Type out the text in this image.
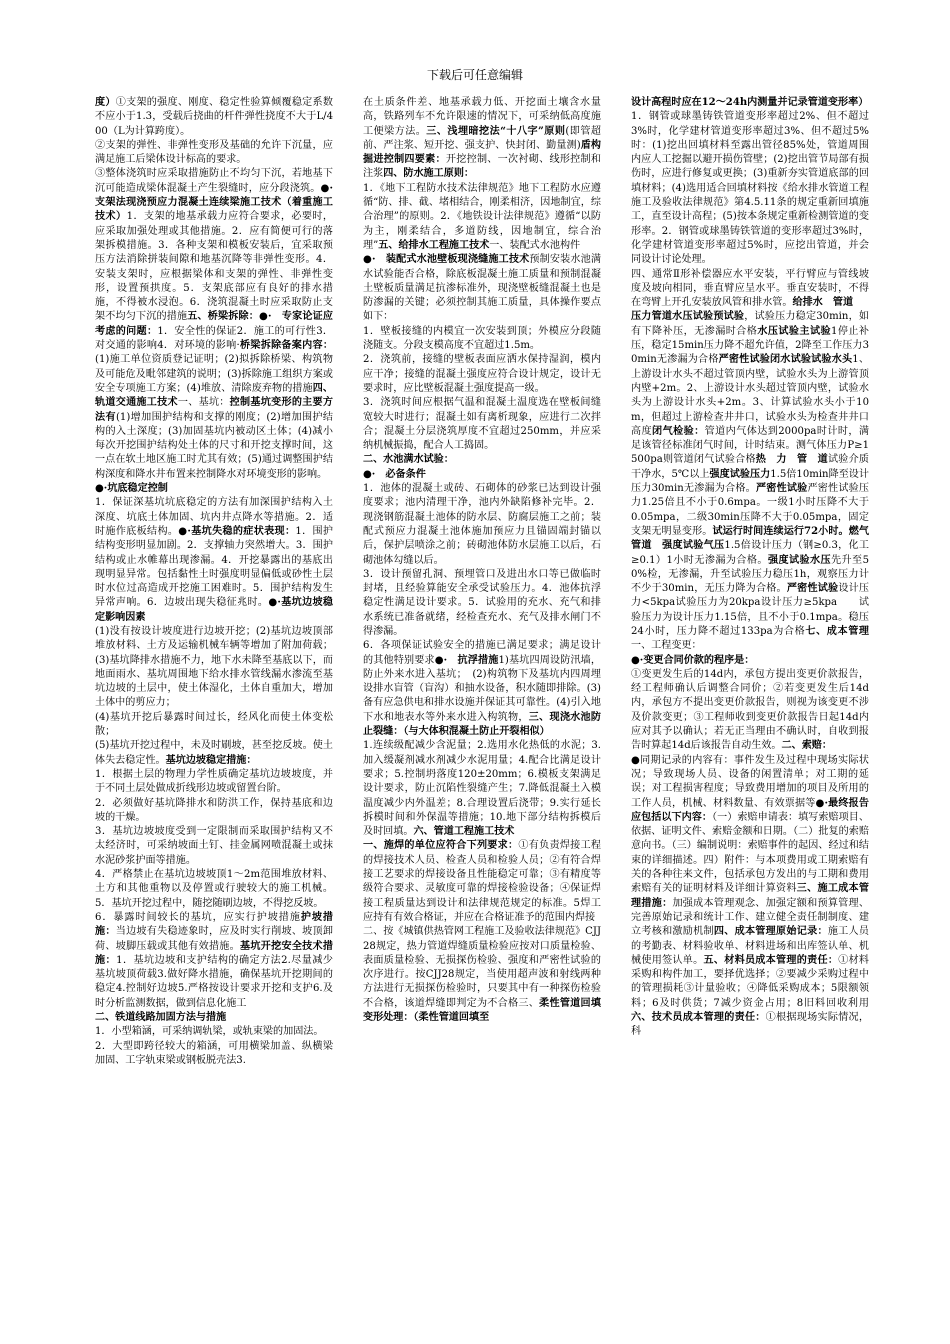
下载后可任意编辑

度）①支架的强度、刚度、稳定性验算倾覆稳定系数不应小于1.3，受载后挠曲的杆件弹性挠度不大于L/400（L为计算跨度）。

②支架的弹性、非弹性变形及基础的允许下沉量，应满足施工后梁体设计标高的要求。

③整体浇筑时应采取措施防止不均匀下沉，若地基下沉可能造成梁体混凝土产生裂缝时，应分段浇筑。●·支架法现浇预应力混凝土连续梁施工技术（着重施工技术）1．支架的地基承载力应符合要求，必要时，应采取加强处理或其他措施。2．应有简便可行的落架拆模措施。3．各种支架和模板安装后，宜采取预压方法消除拼装间隙和地基沉降等非弹性变形。4．安装支架时，应根据梁体和支架的弹性、非弹性变形，设置预拱度。5．支架底部应有良好的排水措施，不得被水浸泡。6．浇筑混凝土时应采取防止支架不均匀下沉的措施五、桥梁拆除：●·　专家论证应考虑的问题：1．安全性的保证2．施工的可行性3．对交通的影响4．对环境的影响·桥梁拆除备案内容：(1)施工单位资质登记证明；(2)拟拆除桥梁、构筑物及可能危及毗邻建筑的说明；(3)拆除施工组织方案或安全专项施工方案；(4)堆放、清除废弃物的措施四、轨道交通施工技术一、基坑：控制基坑变形的主要方法有(1)增加围护结构和支撑的刚度；(2)增加围护结构的入土深度；(3)加固基坑内被动区土体；(4)减小每次开挖围护结构处土体的尺寸和开挖支撑时间，这一点在软土地区施工时尤其有效；(5)通过调整围护结构深度和降水井布置来控制降水对环境变形的影响。

●·坑底稳定控制

1．保证深基坑坑底稳定的方法有加深围护结构入土深度、坑底土体加固、坑内井点降水等措施。2．适时施作底板结构。●·基坑失稳的症状表现：1．围护结构变形明显加剧。2．支撑轴力突然增大。3．围护结构或止水帷幕出现渗漏。4．开挖暴露出的基底出现明显异常。包括黏性土时强度明显偏低或砂性土层时水位过高造成开挖施工困难时。5．围护结构发生异常声响。6．边坡出现失稳征兆时。●·基坑边坡稳定影响因素

(1)没有按设计坡度进行边坡开挖；(2)基坑边坡顶部堆放材料、土方及运输机械车辆等增加了附加荷载；(3)基坑降排水措施不力，地下水未降至基底以下，而地面雨水、基坑周围地下给水排水管线漏水渗流至基坑边坡的土层中，使土体湿化，土体自重加大，增加土体中的剪应力；

(4)基坑开挖后暴露时间过长，经风化而使土体变松散；

(5)基坑开挖过程中，未及时刷坡，甚至挖反坡。使土体失去稳定性。基坑边坡稳定措施：

1．根据土层的物理力学性质确定基坑边坡坡度，并于不同土层处做成折线形边坡或留置台阶。

2．必须做好基坑降排水和防洪工作，保持基底和边坡的干燥。

3．基坑边坡坡度受到一定限制而采取围护结构又不太经济时，可采纳坡面土钉、挂金属网喷混凝土或抹水泥砂浆护面等措施。

4．严格禁止在基坑边坡坡顶1～2m范围堆放材料、土方和其他重物以及停置或行驶较大的施工机械。5．基坑开挖过程中，随挖随刷边坡，不得挖反坡。

6．暴露时间较长的基坑，应实行护坡措施护坡措施：当边坡有失稳迹象时，应及时实行削坡、坡顶卸荷、坡脚压载或其他有效措施。基坑开挖安全技术措施：1．基坑边坡和支护结构的确定方法2.尽量减少基坑坡顶荷载3.做好降水措施，确保基坑开挖期间的稳定4.控制好边坡5.严格按设计要求开挖和支护6.及时分析监测数据，做到信息化施工

二、铁道线路加固方法与措施

1．小型箱涵，可采纳调轨梁，或轨束梁的加固法。

2．大型即跨径较大的箱涵，可用横梁加盖、纵横梁加固、工字轨束梁或钢板脱壳法3.

在土质条件差、地基承载力低、开挖面土壤含水量高，铁路列车不允许限速的情况下，可采纳低高度施工便梁方法。三、浅埋暗挖法“十八字”原则(即管超前、严注浆、短开挖、强支护、快封闭、勤量测)盾构掘进控制四要素：开挖控制、一次衬砌、线形控制和注浆四、防水施工原则：

1．《地下工程防水技术法律规范》地下工程防水应遵循“防、排、截、堵相结合，刚柔相济，因地制宜，综合治理”的原则。2．《地铁设计法律规范》遵循“以防为主，刚柔结合，多道防线，因地制宜，综合治理”五、给排水工程施工技术一、装配式水池构件

●·　装配式水池壁板现浇缝施工技术预制安装水池满水试验能否合格，除底板混凝土施工质量和预制混凝土壁板质量满足抗渗标准外，现浇壁板缝混凝土也是防渗漏的关键；必须控制其施工质量，具体操作要点如下：

1．壁板接缝的内模宜一次安装到顶；外模应分段随浇随支。分段支模高度不宜超过1.5m。

2．浇筑前，接缝的壁板表面应洒水保持湿润，模内应干净；接缝的混凝土强度应符合设计规定，设计无要求时，应比壁板混凝土强度提高一级。

3．浇筑时间应根据气温和混凝土温度选在壁板间缝宽较大时进行；混凝土如有离析现象，应进行二次拌合；混凝土分层浇筑厚度不宜超过250mm，并应采纳机械振捣，配合人工捣固。

二、水池满水试验：

●·　必备条件

1．池体的混凝土或砖、石砌体的砂浆已达到设计强度要求；池内清理干净，池内外缺陷修补完毕。2．现浇钢筋混凝土池体的防水层、防腐层施工之前；装配式预应力混凝土池体施加预应力且锚固端封锚以后，保护层喷涂之前；砖砌池体防水层施工以后，石砌池体勾缝以后。

3．设计预留孔洞、预埋管口及进出水口等已做临时封堵，且经验算能安全承受试验压力。4．池体抗浮稳定性满足设计要求。5．试验用的充水、充气和排水系统已准备就绪，经检查充水、充气及排水闸门不得渗漏。

6．各项保证试验安全的措施已满足要求；满足设计的其他特别要求●·　抗浮措施1)基坑四周设防汛墙，防止外来水进入基坑；　(2)构筑物下及基坑内四周埋设排水盲管（盲沟）和抽水设备，积水随即排除。(3)备有应急供电和排水设施并保证其可靠性。(4)引入地下水和地表水等外来水进入构筑物，三、现浇水池防止裂缝：（与大体积混凝土防止开裂相似）

1.连续级配减少含泥量；2.选用水化热低的水泥；3.加入缓凝剂减水剂减少水泥用量；4.配合比满足设计要求；5.控制坍落度120±20mm；6.模板支架满足设计要求，防止沉陷性裂缝产生；7.降低混凝土入模温度减少内外温差；8.合理设置后浇带；9.实行延长拆模时间和外保温等措施；10.地下部分结构拆模后及时回填。六、管道工程施工技术

一、施焊的单位应符合下列要求：①有负责焊接工程的焊接技术人员、检查人员和检验人员；②有符合焊接工艺要求的焊接设备且性能稳定可靠；③有精度等级符合要求、灵敏度可靠的焊接检验设备；④保证焊接工程质量达到设计和法律规范规定的标准。5焊工应持有有效合格证，并应在合格证准予的范围内焊接

二、按《城镇供热管网工程施工及验收法律规范》CJJ28规定，热力管道焊缝质量检验应按对口质量检验、表面质量检验、无损探伤检验、强度和严密性试验的次序进行。按CJJ28规定，当使用超声波和射线两种方法进行无损探伤检验时，只要其中有一种探伤检验不合格，该道焊缝即判定为不合格三、柔性管道回填变形处理：（柔性管道回填至

设计高程时应在12～24h内测量并记录管道变形率）

1．钢管或球墨铸铁管道变形率超过2%、但不超过3%时，化学建材管道变形率超过3%、但不超过5%时：(1)挖出回填材料至露出管径85%处，管道周围内应人工挖掘以避开损伤管壁；(2)挖出管节局部有损伤时，应进行修复或更换；(3)重新夯实管道底部的回填材料；(4)选用适合回填材料按《给水排水管道工程施工及验收法律规范》第4.5.11条的规定重新回填施工，直至设计高程；(5)按本条规定重新检测管道的变形率。2．钢管或球墨铸铁管道的变形率超过3%时，化学建材管道变形率超过5%时，应挖出管道，并会同设计讨论处理。

四、通常Ⅱ形补偿器应水平安装，平行臂应与管线坡度及坡向相同，垂直臂应呈水平。垂直安装时，不得在弯臂上开孔安装放风管和排水管。给排水　管道

压力管道水压试验预试验，试验压力稳定30min，如有下降补压，无渗漏时合格水压试验主试验1停止补压，稳定15min压力降不超允许值，2降至工作压力30min无渗漏为合格严密性试验闭水试验试验水头1、上游设计水头不超过管顶内壁，试验水头为上游管顶内壁+2m。2、上游设计水头超过管顶内壁，试验水头为上游设计水头+2m。3、计算试验水头小于10m，但超过上游检查井井口，试验水头为检查井井口高度闭气检验：管道内气体达到2000pa时计时，满足该管径标准闭气时间，计时结束。测气体压力P≥1500pa则管道闭气试验合格热　力　管　道试验介质干净水，5℃以上强度试验压力1.5倍10min降至设计压力30min无渗漏为合格。严密性试验严密性试验压力1.25倍且不小于0.6mpa。一级1小时压降不大于0.05mpa，二级30min压降不大于0.05mpa，固定支架无明显变形。试运行时间连续运行72小时。燃气管道　强度试验气压1.5倍设计压力（钢≥0.3，化工≥0.1）1小时无渗漏为合格。强度试验水压先升至50%检，无渗漏，升至试验压力稳压1h，观察压力计不少于30min，无压力降为合格。严密性试验设计压力<5kpa试验压力为20kpa设计压力≥5kpa　　试验压力为设计压力1.15倍，且不小于0.1mpa。稳压24小时，压力降不超过133pa为合格七、成本管理一、工程变更：

●·变更合同价款的程序是：

①变更发生后的14d内，承包方提出变更价款报告，经工程师确认后调整合同价；②若变更发生后14d内，承包方不提出变更价款报告，则视为该变更不涉及价款变更；③工程师收到变更价款报告日起14d内应对其予以确认；若无正当理由不确认时，自收到报告时算起14d后该报告自动生效。二、索赔：

●同期记录的内容有：事件发生及过程中现场实际状况；导致现场人员、设备的闲置清单；对工期的延误；对工程损害程度；导致费用增加的项目及所用的工作人员，机械、材料数量、有效票据等●·最终报告应包括以下内容：（一）索赔申请表：填写索赔项目、依据、证明文件、索赔金额和日期。（二）批复的索赔意向书。（三）编制说明：索赔事件的起因、经过和结束的详细描述。四）附件：与本项费用或工期索赔有关的各种往来文件，包括承包方发出的与工期和费用索赔有关的证明材料及详细计算资料三、施工成本管理措施：加强成本管理观念、加强定额和预算管理、完善原始记录和统计工作、建立健全责任制制度、建立考核和激励机制四、成本管理原始记录：施工人员的考勤表、材料验收单、材料进场和出库签认单、机械使用签认单。五、材料员成本管理的责任：①材料采购和构件加工，要择优选择；②要减少采购过程中的管理损耗③计量验收；④降低采购成本；5限额领料；6及时供货；7减少资金占用；8旧料回收利用六、技术员成本管理的责任：①根据现场实际情况，科
